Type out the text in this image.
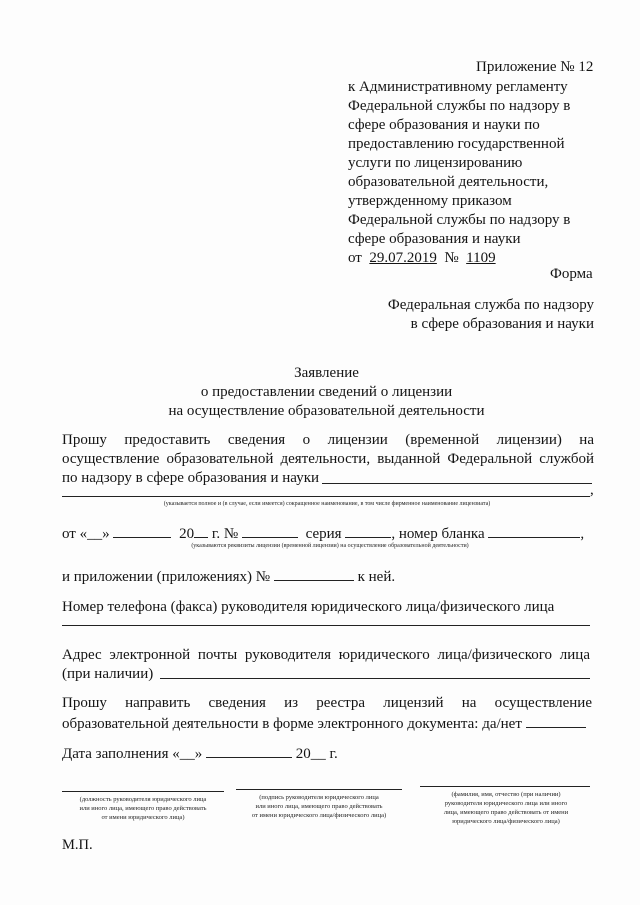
Приложение № 12
к Административному регламенту
Федеральной службы по надзору в
сфере образования и науки по
предоставлению государственной
услуги по лицензированию
образовательной деятельности,
утвержденному приказом
Федеральной службы по надзору в
сфере образования и науки
от 29.07.2019 № 1109
Форма
Федеральная служба по надзору
в сфере образования и науки
Заявление
о предоставлении сведений о лицензии
на осуществление образовательной деятельности
Прошу предоставить сведения о лицензии (временной лицензии) на
осуществление образовательной деятельности, выданной Федеральной службой
по надзору в сфере образования и науки
,
(указывается полное и (в случае, если имеется) сокращенное наименование, в том числе фирменное наименование лицензиата)
от «__»	20 г. №	серия	, номер бланка	,
(указываются реквизиты лицензии (временной лицензии) на осуществление образовательной деятельности)
и приложении (приложениях) №	к ней.
Номер телефона (факса) руководителя юридического лица/физического лица
Адрес электронной почты руководителя юридического лица/физического лица
(при наличии)
Прошу направить сведения из реестра лицензий на осуществление
образовательной деятельности в форме электронного документа: да/нет
Дата заполнения «__»	20__ г.
(должность руководителя юридического лица
или иного лица, имеющего право действовать
от имени юридического лица)
(подпись руководителя юридического лица
или иного лица, имеющего право действовать
от имени юридического лица/физического лица)
(фамилия, имя, отчество (при наличии)
руководителя юридического лица или иного
лица, имеющего право действовать от имени
юридического лица/физического лица)
М.П.
